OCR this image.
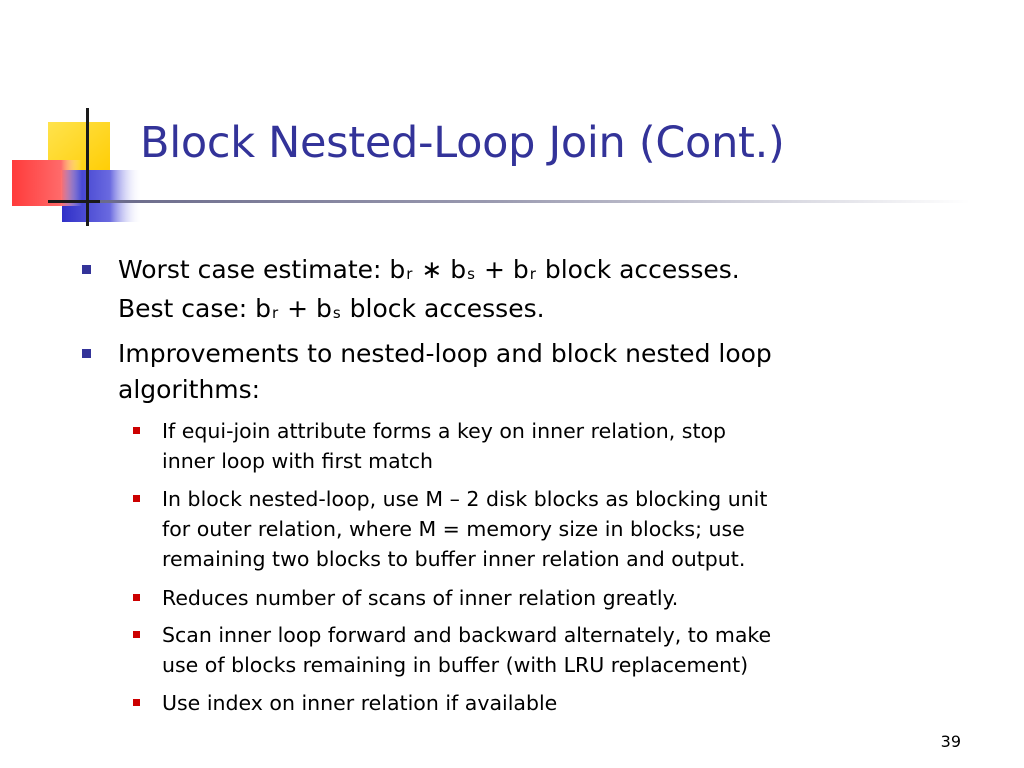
Block Nested-Loop Join (Cont.)
Worst case estimate: $b_r$ ∗ $b_s + b_r$ block accesses.
Best case: $b_r + b_s$ block accesses.
Improvements to nested-loop and block nested loop
algorithms:
If equi-join attribute forms a key on inner relation, stop
inner loop with first match
In block nested-loop, use M – 2 disk blocks as blocking unit
for outer relation, where M = memory size in blocks; use
remaining two blocks to buffer inner relation and output.
Reduces number of scans of inner relation greatly.
Scan inner loop forward and backward alternately, to make
use of blocks remaining in buffer (with LRU replacement)
Use index on inner relation if available
39
